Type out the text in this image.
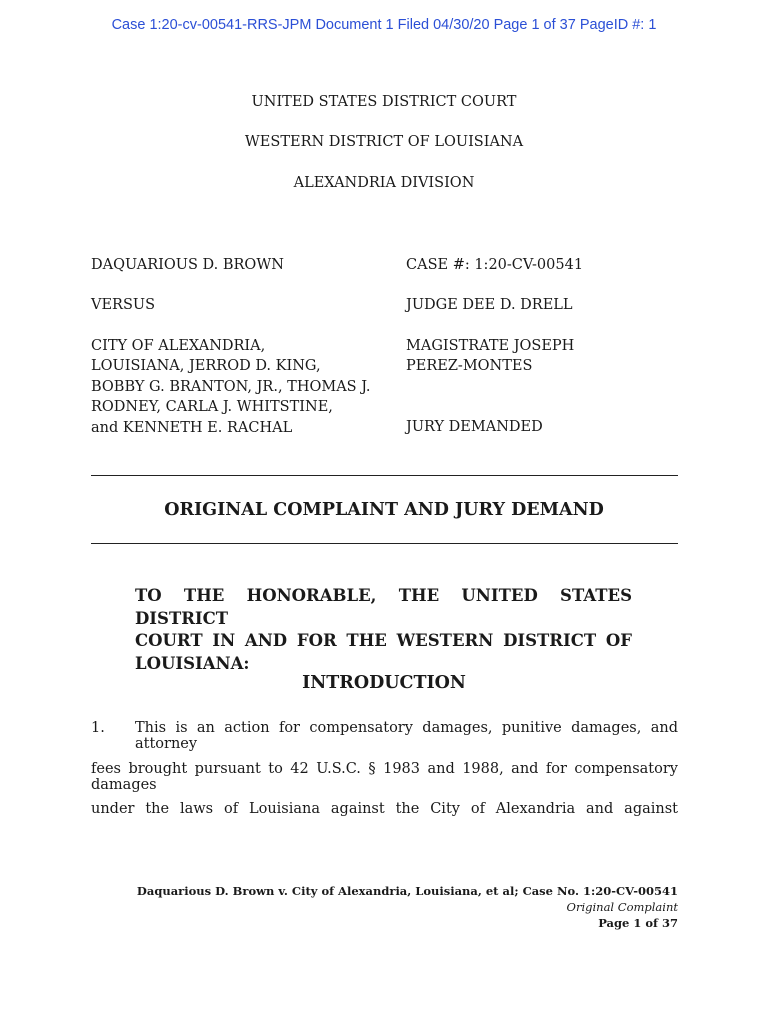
Case 1:20-cv-00541-RRS-JPM Document 1 Filed 04/30/20 Page 1 of 37 PageID #: 1
UNITED STATES DISTRICT COURT
WESTERN DISTRICT OF LOUISIANA
ALEXANDRIA DIVISION
DAQUARIOUS D. BROWN
VERSUS
CITY OF ALEXANDRIA,
LOUISIANA, JERROD D. KING,
BOBBY G. BRANTON, JR., THOMAS J.
RODNEY, CARLA J. WHITSTINE,
and KENNETH E. RACHAL
CASE #: 1:20-CV-00541
JUDGE DEE D. DRELL
MAGISTRATE JOSEPH
PEREZ-MONTES
JURY DEMANDED
ORIGINAL COMPLAINT AND JURY DEMAND
TO THE HONORABLE, THE UNITED STATES DISTRICT
COURT IN AND FOR THE WESTERN DISTRICT OF
LOUISIANA:
INTRODUCTION
1. This is an action for compensatory damages, punitive damages, and attorney
fees brought pursuant to 42 U.S.C. § 1983 and 1988, and for compensatory damages
under the laws of Louisiana against the City of Alexandria and against
Daquarious D. Brown v. City of Alexandria, Louisiana, et al; Case No. 1:20-CV-00541
Original Complaint
Page 1 of 37
